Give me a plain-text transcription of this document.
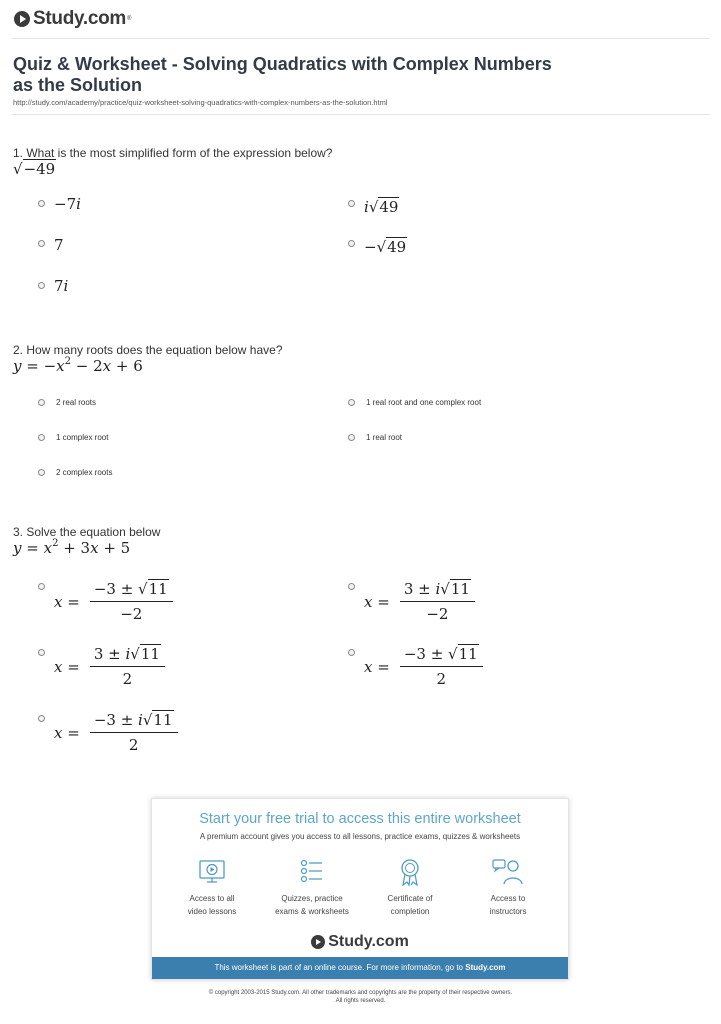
Study.com ®
Quiz & Worksheet - Solving Quadratics with Complex Numbers as the Solution
http://study.com/academy/practice/quiz-worksheet-solving-quadratics-with-complex-numbers-as-the-solution.html
1. What is the most simplified form of the expression below?
√−49
−7i	i√49
7	−√49
7i
2. How many roots does the equation below have?
$y = -x^2 - 2x + 6$
2 real roots	1 real root and one complex root
1 complex root	1 real root
2 complex roots
3. Solve the equation below
$y = x^2 + 3x + 5$
$x = \frac{-3 \pm √11}{-2}$	$x = \frac{3 \pm i√11}{-2}$
$x = \frac{3 \pm i√11}{2}$	$x = \frac{-3 \pm √11}{2}$
$x = \frac{-3 \pm i√11}{2}$
Start your free trial to access this entire worksheet
A premium account gives you access to all lessons, practice exams, quizzes & worksheets
Access to all
video lessons
Quizzes, practice
exams & worksheets
Certificate of
completion
Access to
instructors
Study.com
This worksheet is part of an online course. For more information, go to Study.com
© copyright 2003-2015 Study.com. All other trademarks and copyrights are the property of their respective owners.
All rights reserved.
